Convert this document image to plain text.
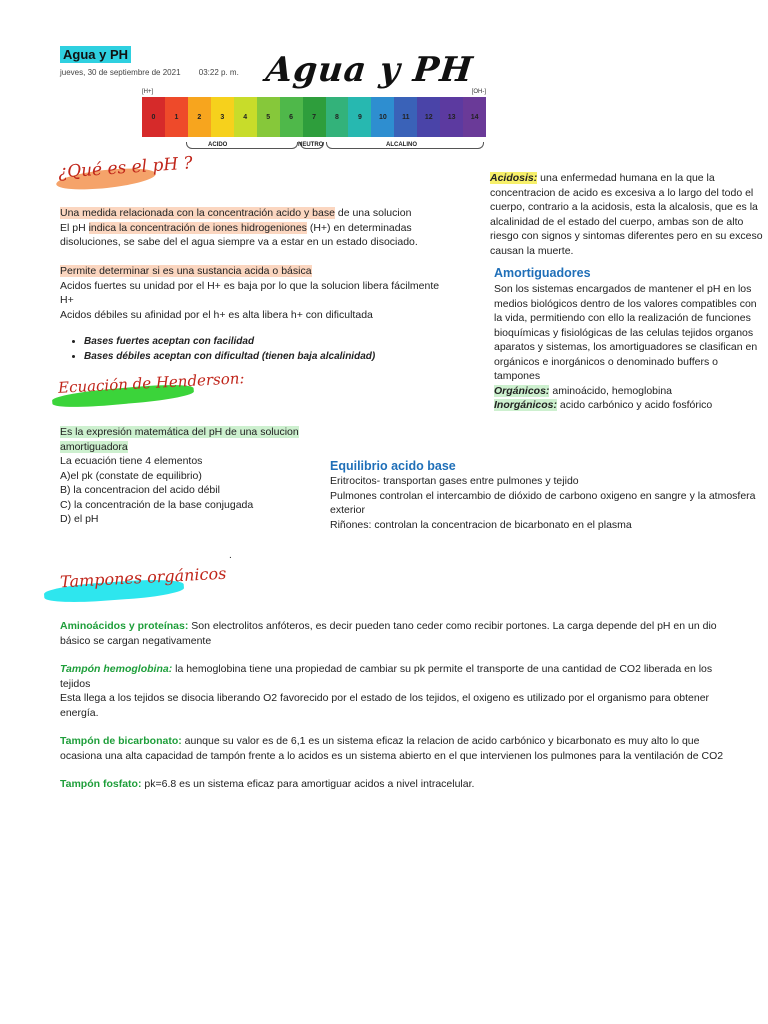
Agua y PH
jueves, 30 de septiembre de 2021 03:22 p. m. Agua y PH
[H+]	[OH-]
0	1	2	3	4	5	6	7	8	9	10	11	12	13	14
ACIDO	NEUTRO	ALCALINO
¿Qué es el pH ?
Una medida relacionada con la concentración acido y base de una solucion
El pH indica la concentración de iones hidrogeniones (H+) en determinadas
disoluciones, se sabe del el agua siempre va a estar en un estado disociado.
Permite determinar si es una sustancia acida o básica
Acidos fuertes su unidad por el H+ es baja por lo que la solucion libera fácilmente
H+
Acidos débiles su afinidad por el h+ es alta libera h+ con dificultada
• Bases fuertes aceptan con facilidad
• Bases débiles aceptan con dificultad (tienen baja alcalinidad)
Ecuación de Henderson:
Es la expresión matemática del pH de una solucion
amortiguadora
La ecuación tiene 4 elementos
A)el pk (constate de equilibrio)
B) la concentracion del acido débil
C) la concentración de la base conjugada
D) el pH
Acidosis: una enfermedad humana en la que la
concentracion de acido es excesiva a lo largo del todo el
cuerpo, contrario a la acidosis, esta la alcalosis, que es la
alcalinidad de el estado del cuerpo, ambas son de alto
riesgo con signos y sintomas diferentes pero en su exceso
causan la muerte.
Amortiguadores
Son los sistemas encargados de mantener el pH en los
medios biológicos dentro de los valores compatibles con
la vida, permitiendo con ello la realización de funciones
bioquímicas y fisiológicas de las celulas tejidos organos
aparatos y sistemas, los amortiguadores se clasifican en
orgánicos e inorgánicos o denominado buffers o
tampones
Orgánicos: aminoácido, hemoglobina
Inorgánicos: acido carbónico y acido fosfórico
Equilibrio acido base
Eritrocitos- transportan gases entre pulmones y tejido
Pulmones controlan el intercambio de dióxido de carbono oxigeno en sangre y la atmosfera
exterior
Riñones: controlan la concentracion de bicarbonato en el plasma
.
Tampones orgánicos
Aminoácidos y proteínas: Son electrolitos anfóteros, es decir pueden tano ceder como recibir portones. La carga depende del pH en un dio
básico se cargan negativamente
Tampón hemoglobina: la hemoglobina tiene una propiedad de cambiar su pk permite el transporte de una cantidad de CO2 liberada en los
tejidos
Esta llega a los tejidos se disocia liberando O2 favorecido por el estado de los tejidos, el oxigeno es utilizado por el organismo para obtener
energía.
Tampón de bicarbonato: aunque su valor es de 6,1 es un sistema eficaz la relacion de acido carbónico y bicarbonato es muy alto lo que
ocasiona una alta capacidad de tampón frente a lo acidos es un sistema abierto en el que intervienen los pulmones para la ventilación de CO2
Tampón fosfato: pk=6.8 es un sistema eficaz para amortiguar acidos a nivel intracelular.
